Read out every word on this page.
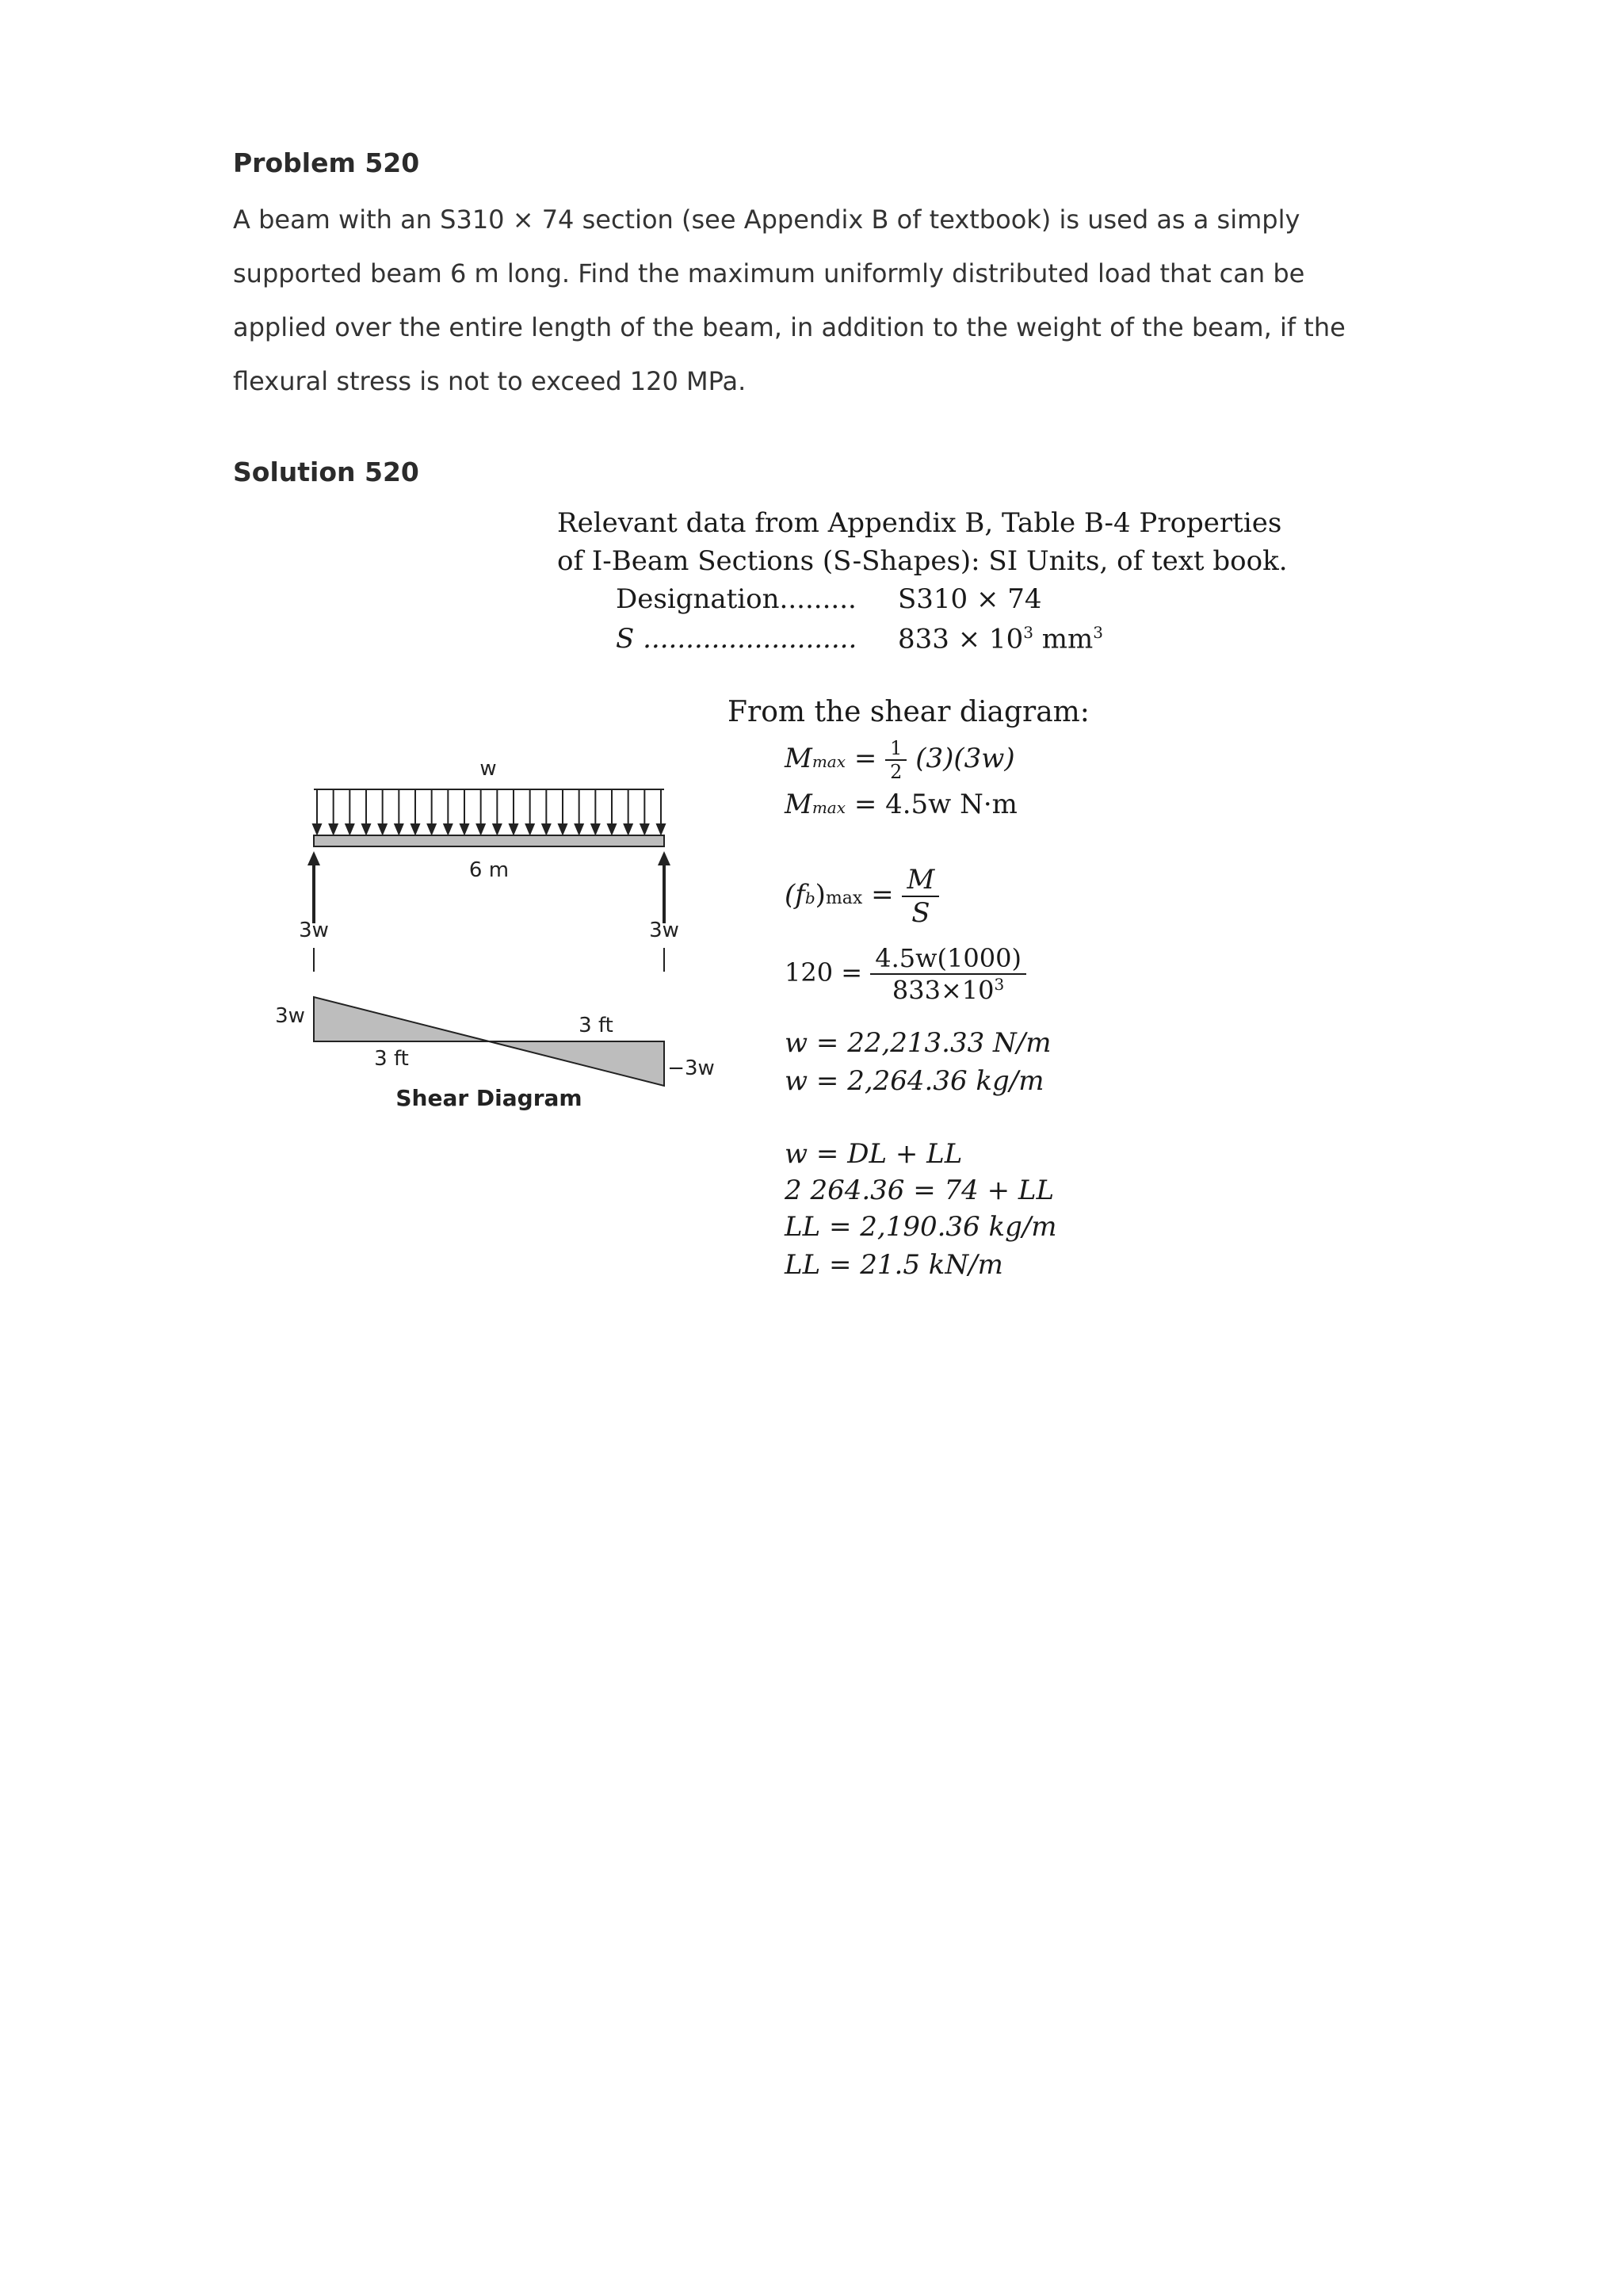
Problem 520

A beam with an S310 × 74 section (see Appendix B of textbook) is used as a simply supported beam 6 m long. Find the maximum uniformly distributed load that can be applied over the entire length of the beam, in addition to the weight of the beam, if the flexural stress is not to exceed 120 MPa.

Solution 520
Relevant data from Appendix B, Table B-4 Properties
of I-Beam Sections (S-Shapes): SI Units, of text book.
Designation......... S310 × 74
S ......................... $833 \times 10^3$ $mm^3$
From the shear diagram:
$Mmax = \frac{1}{2} (3)(3w)$
Mmax = 4.5w N·m
$(fb)\max = \frac{M}{S}$
$120 = \frac{4.5w(1000)}{833\times 10^3}$
w = 22,213.33 N/m
w = 2,264.36 kg/m
w = DL + LL
2 264.36 = 74 + LL
LL = 2,190.36 kg/m
LL = 21.5 kN/m
w
6 m
3w	3w
3w
−3w
3 ft
3 ft
Shear Diagram
